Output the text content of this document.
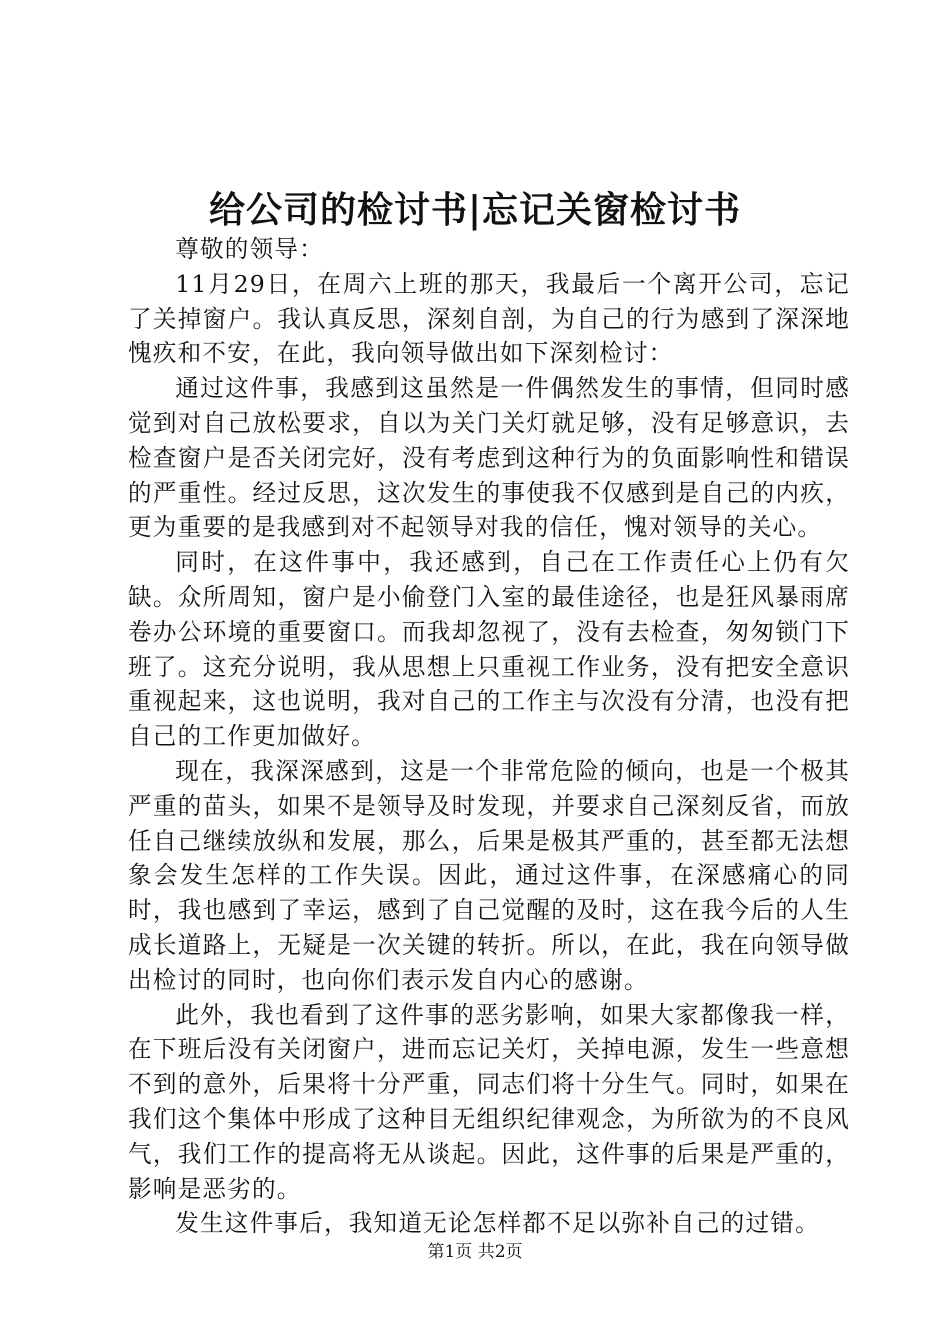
给公司的检讨书|忘记关窗检讨书

尊敬的领导：

11月29日，在周六上班的那天，我最后一个离开公司，忘记了关掉窗户。我认真反思，深刻自剖，为自己的行为感到了深深地愧疚和不安，在此，我向领导做出如下深刻检讨：

通过这件事，我感到这虽然是一件偶然发生的事情，但同时感觉到对自己放松要求，自以为关门关灯就足够，没有足够意识，去检查窗户是否关闭完好，没有考虑到这种行为的负面影响性和错误的严重性。经过反思，这次发生的事使我不仅感到是自己的内疚，更为重要的是我感到对不起领导对我的信任，愧对领导的关心。

同时，在这件事中，我还感到，自己在工作责任心上仍有欠缺。众所周知，窗户是小偷登门入室的最佳途径，也是狂风暴雨席卷办公环境的重要窗口。而我却忽视了，没有去检查，匆匆锁门下班了。这充分说明，我从思想上只重视工作业务，没有把安全意识重视起来，这也说明，我对自己的工作主与次没有分清，也没有把自己的工作更加做好。

现在，我深深感到，这是一个非常危险的倾向，也是一个极其严重的苗头，如果不是领导及时发现，并要求自己深刻反省，而放任自己继续放纵和发展，那么，后果是极其严重的，甚至都无法想象会发生怎样的工作失误。因此，通过这件事，在深感痛心的同时，我也感到了幸运，感到了自己觉醒的及时，这在我今后的人生成长道路上，无疑是一次关键的转折。所以，在此，我在向领导做出检讨的同时，也向你们表示发自内心的感谢。

此外，我也看到了这件事的恶劣影响，如果大家都像我一样，在下班后没有关闭窗户，进而忘记关灯，关掉电源，发生一些意想不到的意外，后果将十分严重，同志们将十分生气。同时，如果在我们这个集体中形成了这种目无组织纪律观念，为所欲为的不良风气，我们工作的提高将无从谈起。因此，这件事的后果是严重的，影响是恶劣的。

发生这件事后，我知道无论怎样都不足以弥补自己的过错。

第1页 共2页
